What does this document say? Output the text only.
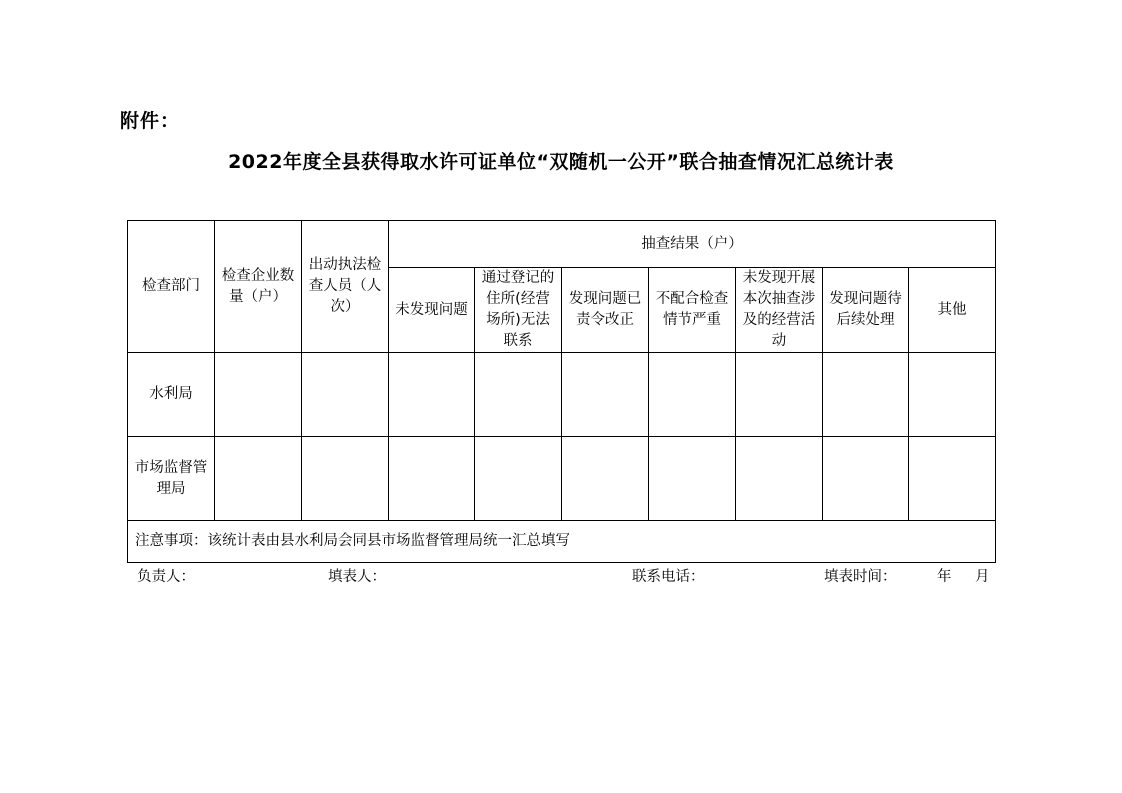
附件：
2022年度全县获得取水许可证单位“双随机一公开”联合抽查情况汇总统计表
检查部门	检查企业数量（户）	出动执法检查人员（人次）	抽查结果（户）						
			未发现问题	通过登记的住所(经营场所)无法联系	发现问题已责令改正	不配合检查情节严重	未发现开展本次抽查涉及的经营活动	发现问题待后续处理	其他
水利局									
市场监督管理局									
注意事项：该统计表由县水利局会同县市场监督管理局统一汇总填写									
负责人：	填表人：	联系电话：	填表时间：	年 月
